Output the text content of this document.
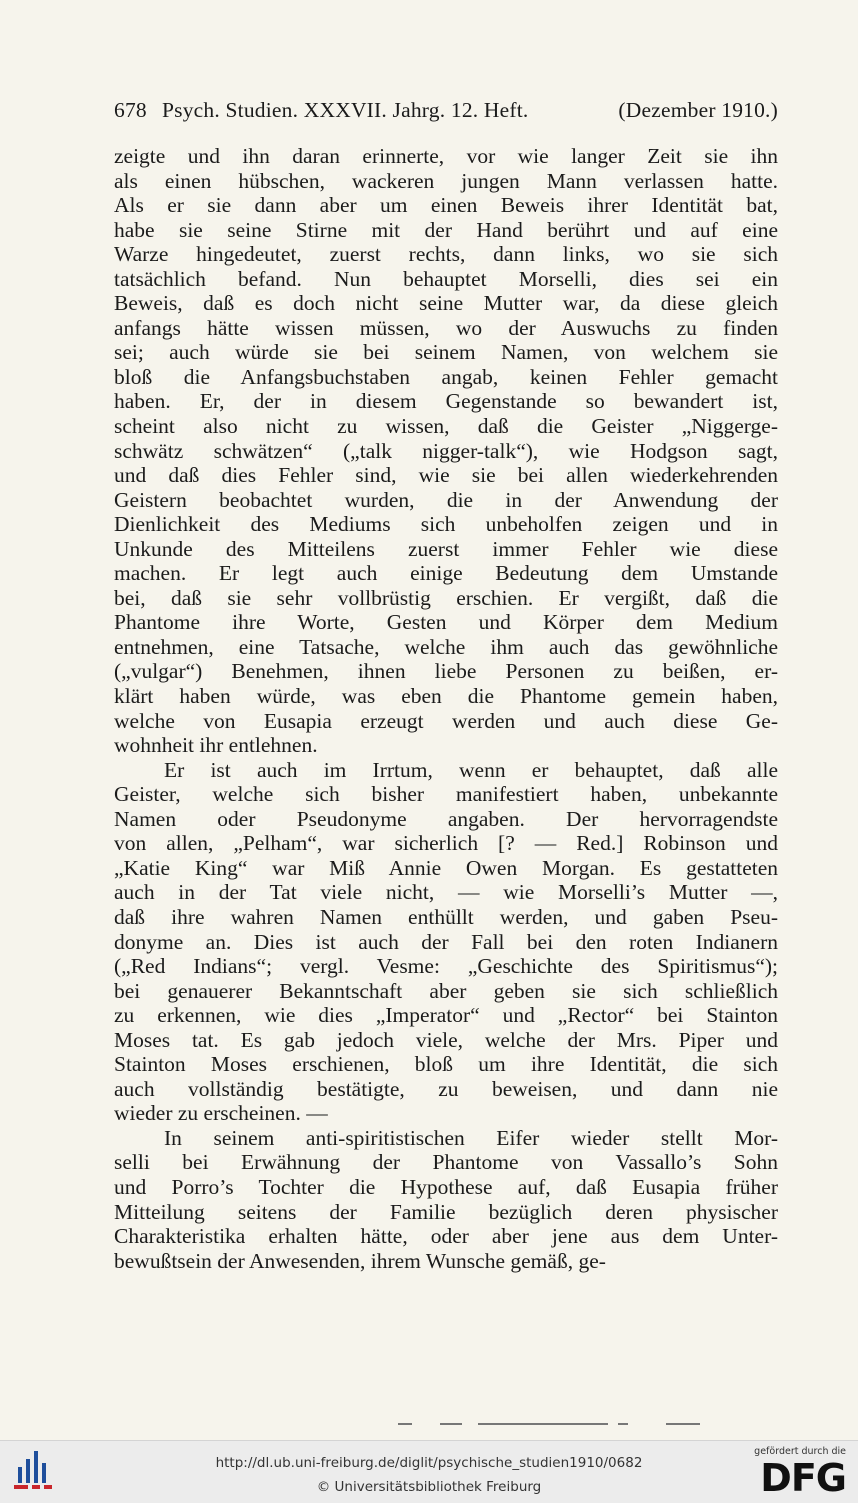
678 Psych. Studien. XXXVII. Jahrg. 12. Heft.	(Dezember 1910.)
zeigte und ihn daran erinnerte, vor wie langer Zeit sie ihn
als einen hübschen, wackeren jungen Mann verlassen hatte.
Als er sie dann aber um einen Beweis ihrer Identität bat,
habe sie seine Stirne mit der Hand berührt und auf eine
Warze hingedeutet, zuerst rechts, dann links, wo sie sich
tatsächlich befand. Nun behauptet Morselli, dies sei ein
Beweis, daß es doch nicht seine Mutter war, da diese gleich
anfangs hätte wissen müssen, wo der Auswuchs zu finden
sei; auch würde sie bei seinem Namen, von welchem sie
bloß die Anfangsbuchstaben angab, keinen Fehler gemacht
haben. Er, der in diesem Gegenstande so bewandert ist,
scheint also nicht zu wissen, daß die Geister „Niggerge-
schwätz schwätzen“ („talk nigger-talk“), wie Hodgson sagt,
und daß dies Fehler sind, wie sie bei allen wiederkehrenden
Geistern beobachtet wurden, die in der Anwendung der
Dienlichkeit des Mediums sich unbeholfen zeigen und in
Unkunde des Mitteilens zuerst immer Fehler wie diese
machen. Er legt auch einige Bedeutung dem Umstande
bei, daß sie sehr vollbrüstig erschien. Er vergißt, daß die
Phantome ihre Worte, Gesten und Körper dem Medium
entnehmen, eine Tatsache, welche ihm auch das gewöhnliche
(„vulgar“) Benehmen, ihnen liebe Personen zu beißen, er-
klärt haben würde, was eben die Phantome gemein haben,
welche von Eusapia erzeugt werden und auch diese Ge-
wohnheit ihr entlehnen.
Er ist auch im Irrtum, wenn er behauptet, daß alle
Geister, welche sich bisher manifestiert haben, unbekannte
Namen oder Pseudonyme angaben. Der hervorragendste
von allen, „Pelham“, war sicherlich [? — Red.] Robinson und
„Katie King“ war Miß Annie Owen Morgan. Es gestatteten
auch in der Tat viele nicht, — wie Morselli’s Mutter —,
daß ihre wahren Namen enthüllt werden, und gaben Pseu-
donyme an. Dies ist auch der Fall bei den roten Indianern
(„Red Indians“; vergl. Vesme: „Geschichte des Spiritismus“);
bei genauerer Bekanntschaft aber geben sie sich schließlich
zu erkennen, wie dies „Imperator“ und „Rector“ bei Stainton
Moses tat. Es gab jedoch viele, welche der Mrs. Piper und
Stainton Moses erschienen, bloß um ihre Identität, die sich
auch vollständig bestätigte, zu beweisen, und dann nie
wieder zu erscheinen. —
In seinem anti-spiritistischen Eifer wieder stellt Mor-
selli bei Erwähnung der Phantome von Vassallo’s Sohn
und Porro’s Tochter die Hypothese auf, daß Eusapia früher
Mitteilung seitens der Familie bezüglich deren physischer
Charakteristika erhalten hätte, oder aber jene aus dem Unter-
bewußtsein der Anwesenden, ihrem Wunsche gemäß, ge-
http://dl.ub.uni-freiburg.de/diglit/psychische_studien1910/0682
© Universitätsbibliothek Freiburg
gefördert durch die
DFG
